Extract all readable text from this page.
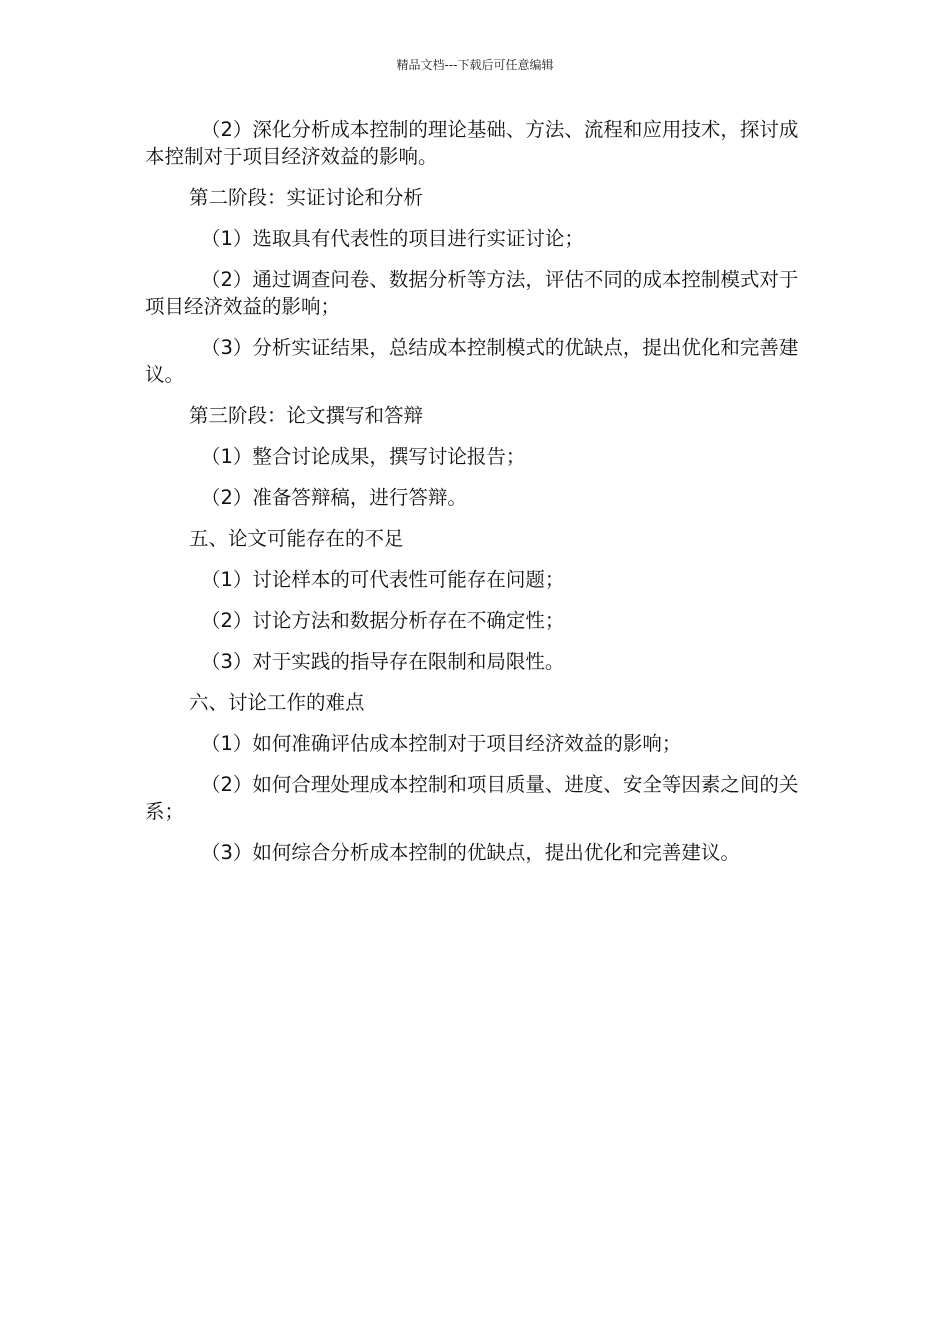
精品文档---下载后可任意编辑

（2）深化分析成本控制的理论基础、方法、流程和应用技术，探讨成本控制对于项目经济效益的影响。

第二阶段：实证讨论和分析

（1）选取具有代表性的项目进行实证讨论；

（2）通过调查问卷、数据分析等方法，评估不同的成本控制模式对于项目经济效益的影响；

（3）分析实证结果，总结成本控制模式的优缺点，提出优化和完善建议。

第三阶段：论文撰写和答辩

（1）整合讨论成果，撰写讨论报告；

（2）准备答辩稿，进行答辩。

五、论文可能存在的不足

（1）讨论样本的可代表性可能存在问题；

（2）讨论方法和数据分析存在不确定性；

（3）对于实践的指导存在限制和局限性。

六、讨论工作的难点

（1）如何准确评估成本控制对于项目经济效益的影响；

（2）如何合理处理成本控制和项目质量、进度、安全等因素之间的关系；

（3）如何综合分析成本控制的优缺点，提出优化和完善建议。
